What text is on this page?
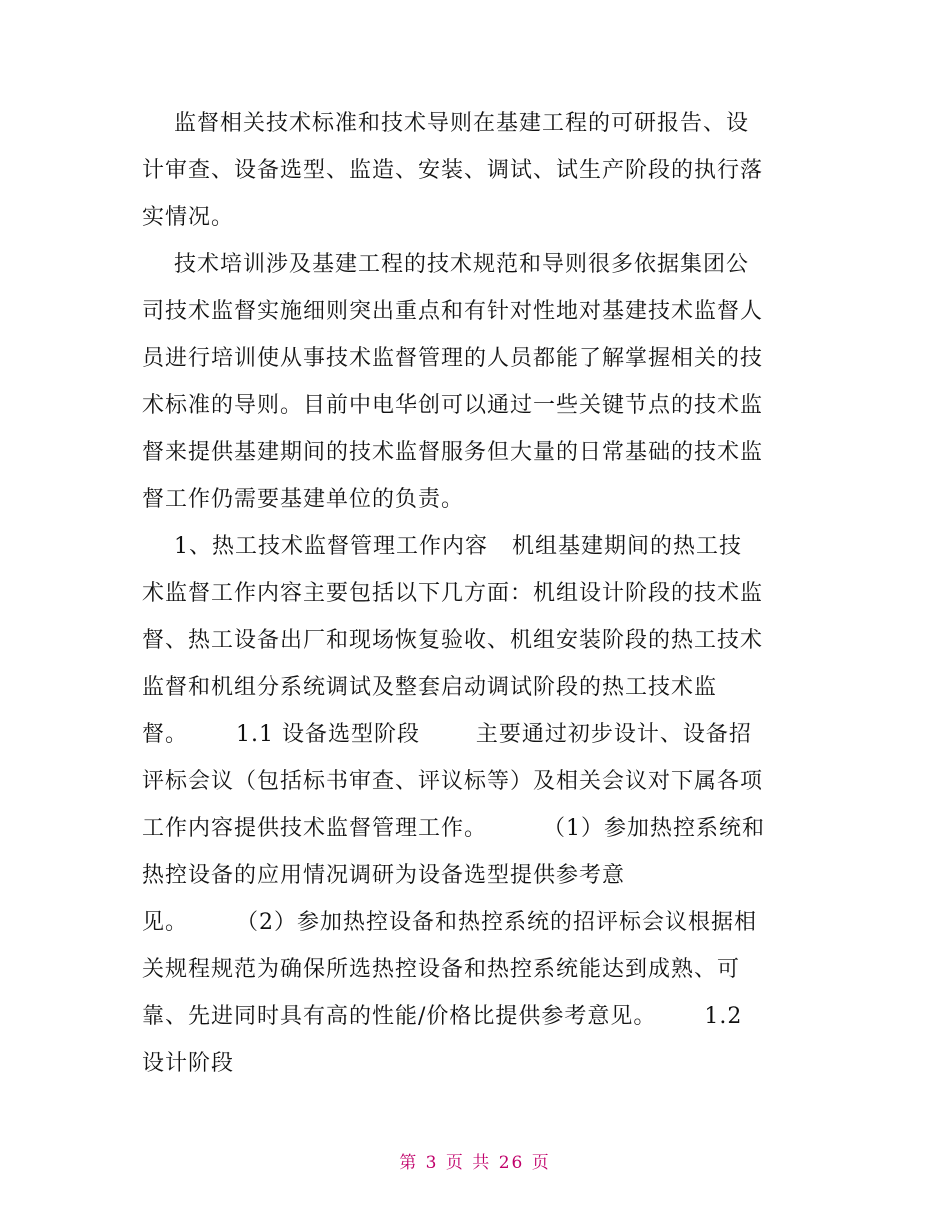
监督相关技术标准和技术导则在基建工程的可研报告、设
计审查、设备选型、监造、安装、调试、试生产阶段的执行落
实情况。
技术培训涉及基建工程的技术规范和导则很多依据集团公
司技术监督实施细则突出重点和有针对性地对基建技术监督人
员进行培训使从事技术监督管理的人员都能了解掌握相关的技
术标准的导则。目前中电华创可以通过一些关键节点的技术监
督来提供基建期间的技术监督服务但大量的日常基础的技术监
督工作仍需要基建单位的负责。
1、热工技术监督管理工作内容   机组基建期间的热工技
术监督工作内容主要包括以下几方面：机组设计阶段的技术监
督、热工设备出厂和现场恢复验收、机组安装阶段的热工技术
监督和机组分系统调试及整套启动调试阶段的热工技术监
督。      1.1 设备选型阶段       主要通过初步设计、设备招
评标会议（包括标书审查、评议标等）及相关会议对下属各项
工作内容提供技术监督管理工作。       （1）参加热控系统和
热控设备的应用情况调研为设备选型提供参考意
见。      （2）参加热控设备和热控系统的招评标会议根据相
关规程规范为确保所选热控设备和热控系统能达到成熟、可
靠、先进同时具有高的性能/价格比提供参考意见。      1.2
设计阶段
第 3 页 共 26 页
